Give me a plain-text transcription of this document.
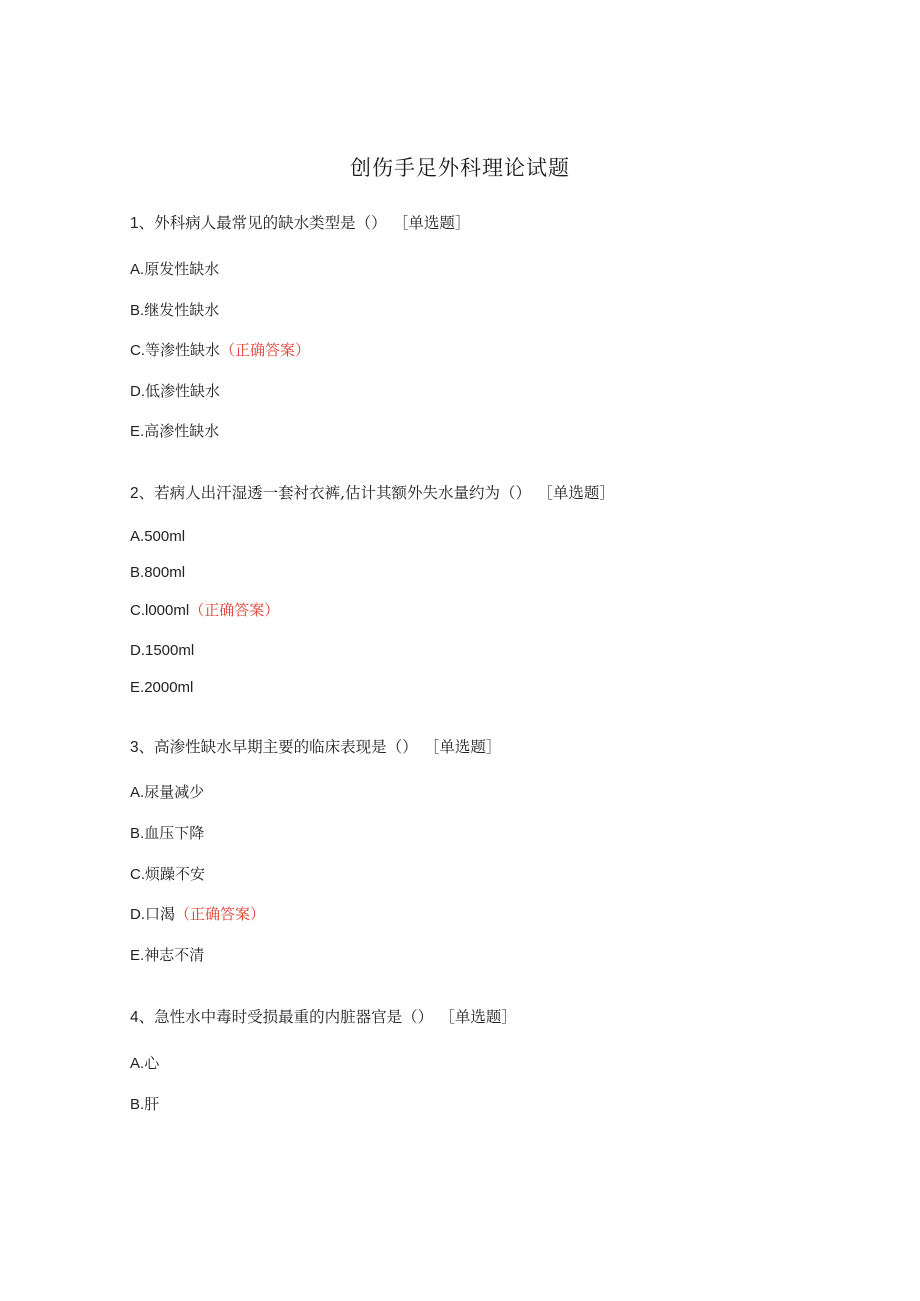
创伤手足外科理论试题
1、外科病人最常见的缺水类型是（） ［单选题］
A.原发性缺水
B.继发性缺水
C.等渗性缺水（正确答案）
D.低渗性缺水
E.高渗性缺水
2、若病人出汗湿透一套衬衣裤,估计其额外失水量约为（） ［单选题］
A.500ml
B.800ml
C.l000ml（正确答案）
D.1500ml
E.2000ml
3、高渗性缺水早期主要的临床表现是（） ［单选题］
A.尿量减少
B.血压下降
C.烦躁不安
D.口渴（正确答案）
E.神志不清
4、急性水中毒时受损最重的内脏器官是（） ［单选题］
A.心
B.肝
